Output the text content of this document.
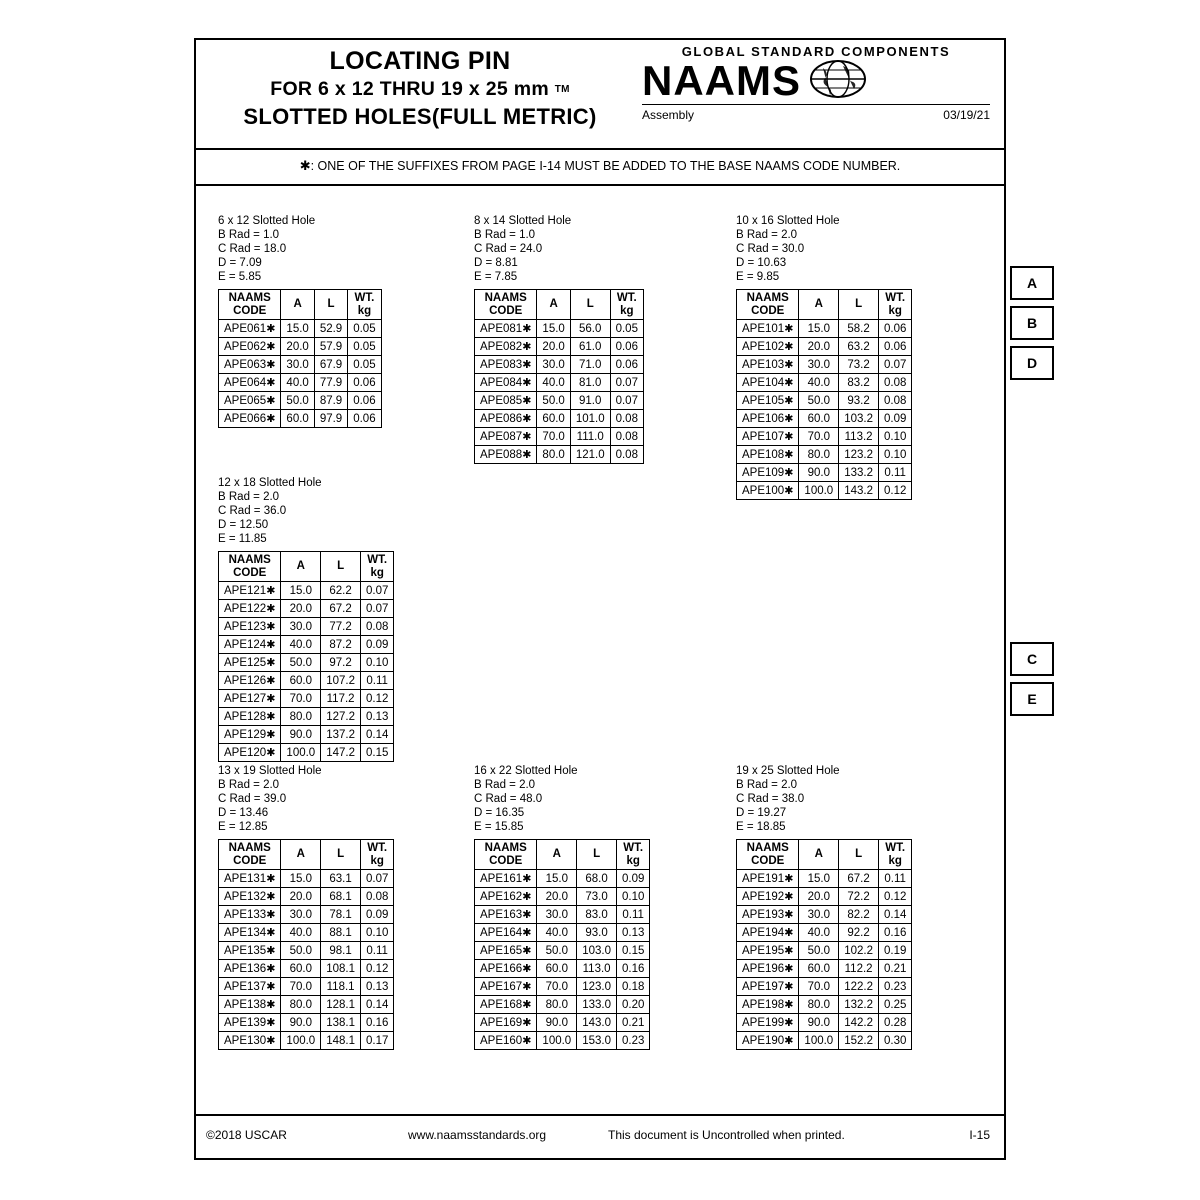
LOCATING PIN
FOR 6 x 12 THRU 19 x 25 mm TM
SLOTTED HOLES(FULL METRIC)
GLOBAL STANDARD COMPONENTS
NAAMS
Assembly	03/19/21
✱: ONE OF THE SUFFIXES FROM PAGE I-14 MUST BE ADDED TO THE BASE NAAMS CODE NUMBER.
6 x 12 Slotted Hole
B Rad = 1.0
C Rad = 18.0
D = 7.09
E = 5.85
NAAMS
CODE	A	L	WT.
kg
APE061✱	15.0	52.9	0.05
APE062✱	20.0	57.9	0.05
APE063✱	30.0	67.9	0.05
APE064✱	40.0	77.9	0.06
APE065✱	50.0	87.9	0.06
APE066✱	60.0	97.9	0.06
8 x 14 Slotted Hole
B Rad = 1.0
C Rad = 24.0
D = 8.81
E = 7.85
NAAMS
CODE	A	L	WT.
kg
APE081✱	15.0	56.0	0.05
APE082✱	20.0	61.0	0.06
APE083✱	30.0	71.0	0.06
APE084✱	40.0	81.0	0.07
APE085✱	50.0	91.0	0.07
APE086✱	60.0	101.0	0.08
APE087✱	70.0	111.0	0.08
APE088✱	80.0	121.0	0.08
10 x 16 Slotted Hole
B Rad = 2.0
C Rad = 30.0
D = 10.63
E = 9.85
NAAMS
CODE	A	L	WT.
kg
APE101✱	15.0	58.2	0.06
APE102✱	20.0	63.2	0.06
APE103✱	30.0	73.2	0.07
APE104✱	40.0	83.2	0.08
APE105✱	50.0	93.2	0.08
APE106✱	60.0	103.2	0.09
APE107✱	70.0	113.2	0.10
APE108✱	80.0	123.2	0.10
APE109✱	90.0	133.2	0.11
APE100✱	100.0	143.2	0.12
12 x 18 Slotted Hole
B Rad = 2.0
C Rad = 36.0
D = 12.50
E = 11.85
NAAMS
CODE	A	L	WT.
kg
APE121✱	15.0	62.2	0.07
APE122✱	20.0	67.2	0.07
APE123✱	30.0	77.2	0.08
APE124✱	40.0	87.2	0.09
APE125✱	50.0	97.2	0.10
APE126✱	60.0	107.2	0.11
APE127✱	70.0	117.2	0.12
APE128✱	80.0	127.2	0.13
APE129✱	90.0	137.2	0.14
APE120✱	100.0	147.2	0.15
13 x 19 Slotted Hole
B Rad = 2.0
C Rad = 39.0
D = 13.46
E = 12.85
NAAMS
CODE	A	L	WT.
kg
APE131✱	15.0	63.1	0.07
APE132✱	20.0	68.1	0.08
APE133✱	30.0	78.1	0.09
APE134✱	40.0	88.1	0.10
APE135✱	50.0	98.1	0.11
APE136✱	60.0	108.1	0.12
APE137✱	70.0	118.1	0.13
APE138✱	80.0	128.1	0.14
APE139✱	90.0	138.1	0.16
APE130✱	100.0	148.1	0.17
16 x 22 Slotted Hole
B Rad = 2.0
C Rad = 48.0
D = 16.35
E = 15.85
NAAMS
CODE	A	L	WT.
kg
APE161✱	15.0	68.0	0.09
APE162✱	20.0	73.0	0.10
APE163✱	30.0	83.0	0.11
APE164✱	40.0	93.0	0.13
APE165✱	50.0	103.0	0.15
APE166✱	60.0	113.0	0.16
APE167✱	70.0	123.0	0.18
APE168✱	80.0	133.0	0.20
APE169✱	90.0	143.0	0.21
APE160✱	100.0	153.0	0.23
19 x 25 Slotted Hole
B Rad = 2.0
C Rad = 38.0
D = 19.27
E = 18.85
NAAMS
CODE	A	L	WT.
kg
APE191✱	15.0	67.2	0.11
APE192✱	20.0	72.2	0.12
APE193✱	30.0	82.2	0.14
APE194✱	40.0	92.2	0.16
APE195✱	50.0	102.2	0.19
APE196✱	60.0	112.2	0.21
APE197✱	70.0	122.2	0.23
APE198✱	80.0	132.2	0.25
APE199✱	90.0	142.2	0.28
APE190✱	100.0	152.2	0.30
©2018 USCAR	www.naamsstandards.org	This document is Uncontrolled when printed.	I-15
A
B
D
C
E
